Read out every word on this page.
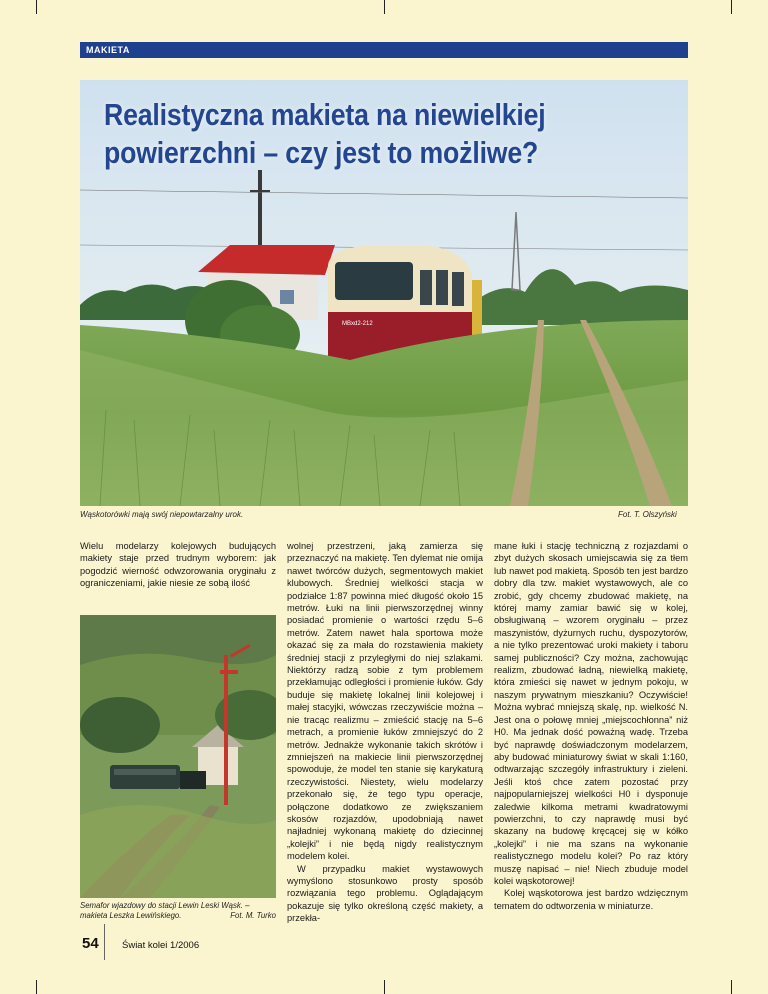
MAKIETA
MBxd2-212
Realistyczna makieta na niewielkiej powierzchni – czy jest to możliwe?
Wąskotorówki mają swój niepowtarzalny urok.	Fot. T. Olszyński

Wielu modelarzy kolejowych budujących makiety staje przed trudnym wyborem: jak pogodzić wierność odwzorowania oryginału z ograniczeniami, jakie niesie ze sobą ilość

Semafor wjazdowy do stacji Lewin Leski Wąsk. – makieta Leszka Lewińskiego.	Fot. M. Turko

wolnej przestrzeni, jaką zamierza się przeznaczyć na makietę. Ten dylemat nie omija nawet twórców dużych, segmentowych makiet klubowych. Średniej wielkości stacja w podziałce 1:87 powinna mieć długość około 15 metrów. Łuki na linii pierwszorzędnej winny posiadać promienie o wartości rzędu 5–6 metrów. Zatem nawet hala sportowa może okazać się za mała do rozstawienia makiety średniej stacji z przyległymi do niej szlakami. Niektórzy radzą sobie z tym problemem przekłamując odległości i promienie łuków. Gdy buduje się makietę lokalnej linii kolejowej i małej stacyjki, wówczas rzeczywiście można – nie tracąc realizmu – zmieścić stację na 5–6 metrach, a promienie łuków zmniejszyć do 2 metrów. Jednakże wykonanie takich skrótów i zmniejszeń na makiecie linii pierwszorzędnej spowoduje, że model ten stanie się karykaturą rzeczywistości. Niestety, wielu modelarzy przekonało się, że tego typu operacje, połączone dodatkowo ze zwiększaniem skosów rozjazdów, upodobniają nawet najładniej wykonaną makietę do dziecinnej „kolejki” i nie będą nigdy realistycznym modelem kolei.

W przypadku makiet wystawowych wymyślono stosunkowo prosty sposób rozwiązania tego problemu. Oglądającym pokazuje się tylko określoną część makiety, a przekła-

mane łuki i stację techniczną z rozjazdami o zbyt dużych skosach umiejscawia się za tłem lub nawet pod makietą. Sposób ten jest bardzo dobry dla tzw. makiet wystawowych, ale co zrobić, gdy chcemy zbudować makietę, na której mamy zamiar bawić się w kolej, obsługiwaną – wzorem oryginału – przez maszynistów, dyżurnych ruchu, dyspozytorów, a nie tylko prezentować uroki makiety i taboru samej publiczności? Czy można, zachowując realizm, zbudować ładną, niewielką makietę, która zmieści się nawet w jednym pokoju, w naszym prywatnym mieszkaniu? Oczywiście! Można wybrać mniejszą skalę, np. wielkość N. Jest ona o połowę mniej „miejscochłonna” niż H0. Ma jednak dość poważną wadę. Trzeba być naprawdę doświadczonym modelarzem, aby budować miniaturowy świat w skali 1:160, odtwarzając szczegóły infrastruktury i zieleni. Jeśli ktoś chce zatem pozostać przy najpopularniejszej wielkości H0 i dysponuje zaledwie kilkoma metrami kwadratowymi powierzchni, to czy naprawdę musi być skazany na budowę kręcącej się w kółko „kolejki” i nie ma szans na wykonanie realistycznego modelu kolei? Po raz który muszę napisać – nie! Niech zbuduje model kolei wąskotorowej!

Kolej wąskotorowa jest bardzo wdzięcznym tematem do odtworzenia w miniaturze.

54 Świat kolei 1/2006
